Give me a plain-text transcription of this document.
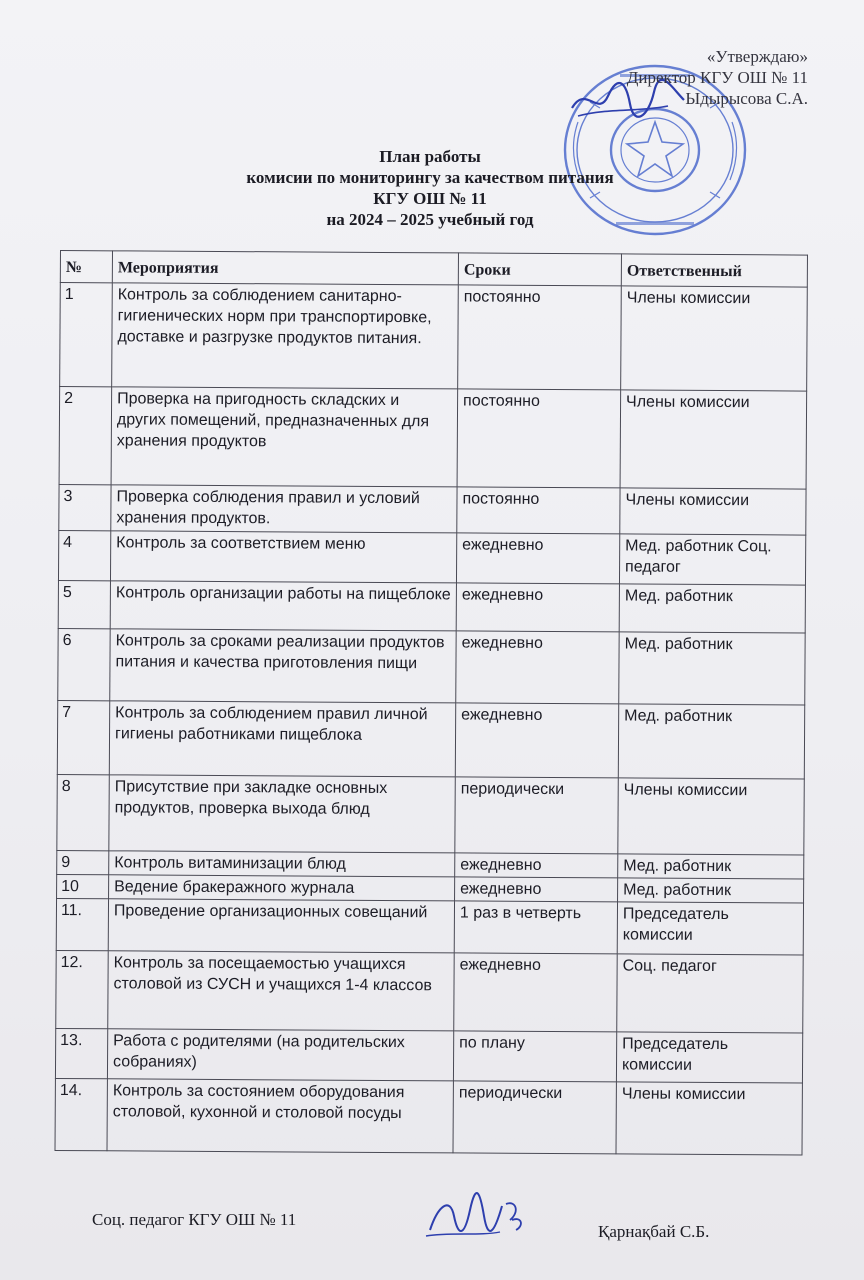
«Утверждаю»
Директор КГУ ОШ № 11
Ыдырысова С.А.
План работы
комисии по мониторингу за качеством питания
КГУ ОШ № 11
на 2024 – 2025 учебный год
№	Мероприятия	Сроки	Ответственный
1	Контроль за соблюдением санитарно-гигиенических норм при транспортировке, доставке и разгрузке продуктов питания.	постоянно	Члены комиссии
2	Проверка на пригодность складских и других помещений, предназначенных для хранения продуктов	постоянно	Члены комиссии
3	Проверка соблюдения правил и условий хранения продуктов.	постоянно	Члены комиссии
4	Контроль за соответствием меню	ежедневно	Мед. работник Соц. педагог
5	Контроль организации работы на пищеблоке	ежедневно	Мед. работник
6	Контроль за сроками реализации продуктов питания и качества приготовления пищи	ежедневно	Мед. работник
7	Контроль за соблюдением правил личной гигиены работниками пищеблока	ежедневно	Мед. работник
8	Присутствие при закладке основных продуктов, проверка выхода блюд	периодически	Члены комиссии
9	Контроль витаминизации блюд	ежедневно	Мед. работник
10	Ведение бракеражного журнала	ежедневно	Мед. работник
11.	Проведение организационных совещаний	1 раз в четверть	Председатель комиссии
12.	Контроль за посещаемостью учащихся столовой из СУСН и учащихся 1-4 классов	ежедневно	Соц. педагог
13.	Работа с родителями (на родительских собраниях)	по плану	Председатель комиссии
14.	Контроль за состоянием оборудования столовой, кухонной и столовой посуды	периодически	Члены комиссии
Соц. педагог КГУ ОШ № 11
Қарнақбай С.Б.
